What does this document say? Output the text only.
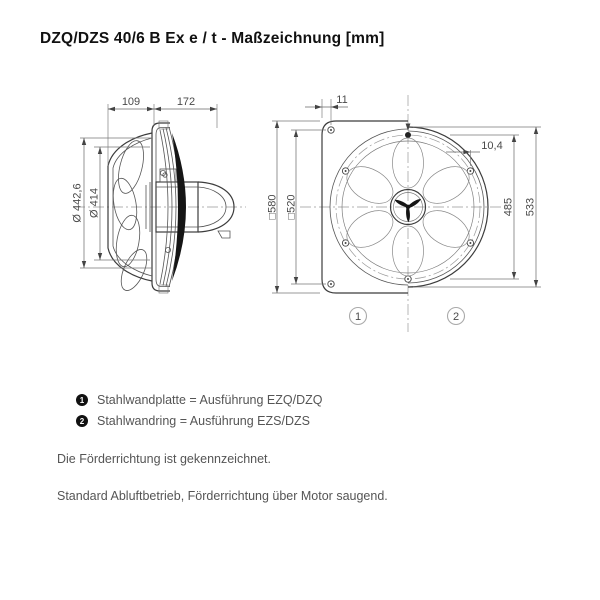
DZQ/DZS 40/6 B Ex e / t - Maßzeichnung [mm]
109	172
Ø 442,6 Ø 414
11
10,4
□580 □520	485 533
1	2
1	Stahlwandplatte = Ausführung EZQ/DZQ
2	Stahlwandring = Ausführung EZS/DZS

Die Förderrichtung ist gekennzeichnet.

Standard Abluftbetrieb, Förderrichtung über Motor saugend.
